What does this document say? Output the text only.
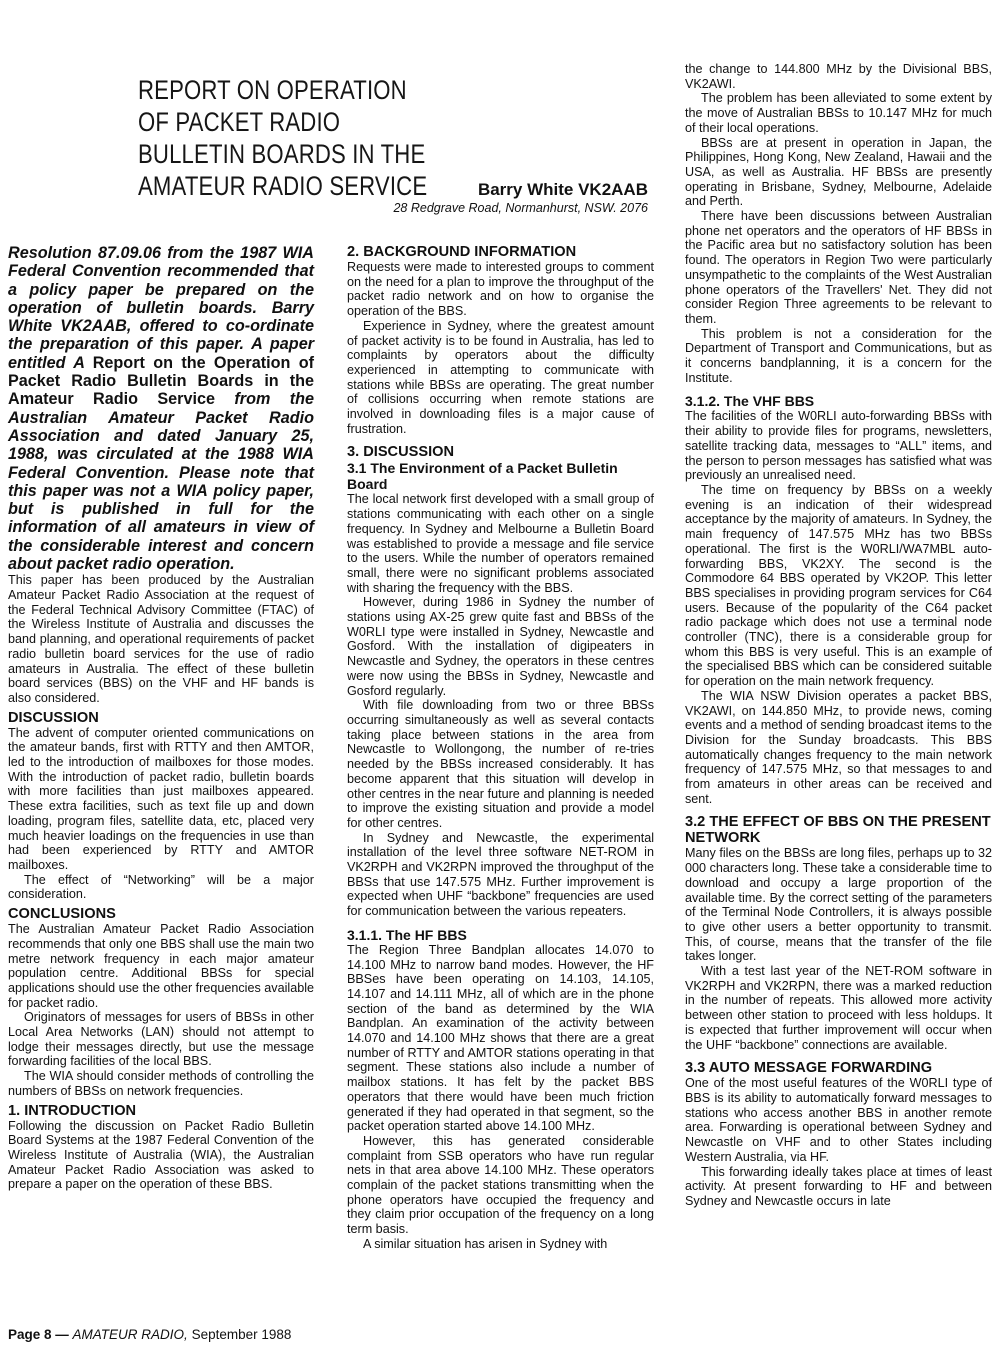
REPORT ON OPERATION OF PACKET RADIO BULLETIN BOARDS IN THE AMATEUR RADIO SERVICE	Barry White VK2AAB

28 Redgrave Road, Normanhurst, NSW. 2076

Resolution 87.09.06 from the 1987 WIA Federal Convention recommended that a policy paper be prepared on the operation of bulletin boards. Barry White VK2AAB, offered to co-ordinate the preparation of this paper. A paper entitled A Report on the Operation of Packet Radio Bulletin Boards in the Amateur Radio Service from the Australian Amateur Packet Radio Association and dated January 25, 1988, was circulated at the 1988 WIA Federal Convention. Please note that this paper was not a WIA policy paper, but is published in full for the information of all amateurs in view of the considerable interest and concern about packet radio operation.

This paper has been produced by the Australian Amateur Packet Radio Association at the request of the Federal Technical Advisory Committee (FTAC) of the Wireless Institute of Australia and discusses the band planning, and operational requirements of packet radio bulletin board services for the use of radio amateurs in Australia. The effect of these bulletin board services (BBS) on the VHF and HF bands is also considered.

DISCUSSION

The advent of computer oriented communications on the amateur bands, first with RTTY and then AMTOR, led to the introduction of mailboxes for those modes. With the introduction of packet radio, bulletin boards with more facilities than just mailboxes appeared. These extra facilities, such as text file up and down loading, program files, satellite data, etc, placed very much heavier loadings on the frequencies in use than had been experienced by RTTY and AMTOR mailboxes.

The effect of “Networking” will be a major consideration.

CONCLUSIONS

The Australian Amateur Packet Radio Association recommends that only one BBS shall use the main two metre network frequency in each major amateur population centre. Additional BBSs for special applications should use the other frequencies available for packet radio.

Originators of messages for users of BBSs in other Local Area Networks (LAN) should not attempt to lodge their messages directly, but use the message forwarding facilities of the local BBS.

The WIA should consider methods of controlling the numbers of BBSs on network frequencies.

1. INTRODUCTION

Following the discussion on Packet Radio Bulletin Board Systems at the 1987 Federal Convention of the Wireless Institute of Australia (WIA), the Australian Amateur Packet Radio Association was asked to prepare a paper on the operation of these BBS.

2. BACKGROUND INFORMATION

Requests were made to interested groups to comment on the need for a plan to improve the throughput of the packet radio network and on how to organise the operation of the BBS.

Experience in Sydney, where the greatest amount of packet activity is to be found in Australia, has led to complaints by operators about the difficulty experienced in attempting to communicate with stations while BBSs are operating. The great number of collisions occurring when remote stations are involved in downloading files is a major cause of frustration.

3. DISCUSSION
3.1 The Environment of a Packet Bulletin Board

The local network first developed with a small group of stations communicating with each other on a single frequency. In Sydney and Melbourne a Bulletin Board was established to provide a message and file service to the users. While the number of operators remained small, there were no significant problems associated with sharing the frequency with the BBS.

However, during 1986 in Sydney the number of stations using AX-25 grew quite fast and BBSs of the W0RLI type were installed in Sydney, Newcastle and Gosford. With the installation of digipeaters in Newcastle and Sydney, the operators in these centres were now using the BBSs in Sydney, Newcastle and Gosford regularly.

With file downloading from two or three BBSs occurring simultaneously as well as several contacts taking place between stations in the area from Newcastle to Wollongong, the number of re-tries needed by the BBSs increased considerably. It has become apparent that this situation will develop in other centres in the near future and planning is needed to improve the existing situation and provide a model for other centres.

In Sydney and Newcastle, the experimental installation of the level three software NET-ROM in VK2RPH and VK2RPN improved the throughput of the BBSs that use 147.575 MHz. Further improvement is expected when UHF “backbone” frequencies are used for communication between the various repeaters.

3.1.1. The HF BBS

The Region Three Bandplan allocates 14.070 to 14.100 MHz to narrow band modes. However, the HF BBSes have been operating on 14.103, 14.105, 14.107 and 14.111 MHz, all of which are in the phone section of the band as determined by the WIA Bandplan. An examination of the activity between 14.070 and 14.100 MHz shows that there are a great number of RTTY and AMTOR stations operating in that segment. These stations also include a number of mailbox stations. It has felt by the packet BBS operators that there would have been much friction generated if they had operated in that segment, so the packet operation started above 14.100 MHz.

However, this has generated considerable complaint from SSB operators who have run regular nets in that area above 14.100 MHz. These operators complain of the packet stations transmitting when the phone operators have occupied the frequency and they claim prior occupation of the frequency on a long term basis.

A similar situation has arisen in Sydney with

the change to 144.800 MHz by the Divisional BBS, VK2AWI.

The problem has been alleviated to some extent by the move of Australian BBSs to 10.147 MHz for much of their local operations.

BBSs are at present in operation in Japan, the Philippines, Hong Kong, New Zealand, Hawaii and the USA, as well as Australia. HF BBSs are presently operating in Brisbane, Sydney, Melbourne, Adelaide and Perth.

There have been discussions between Australian phone net operators and the operators of HF BBSs in the Pacific area but no satisfactory solution has been found. The operators in Region Two were particularly unsympathetic to the complaints of the West Australian phone operators of the Travellers' Net. They did not consider Region Three agreements to be relevant to them.

This problem is not a consideration for the Department of Transport and Communications, but as it concerns bandplanning, it is a concern for the Institute.

3.1.2. The VHF BBS

The facilities of the W0RLI auto-forwarding BBSs with their ability to provide files for programs, newsletters, satellite tracking data, messages to “ALL” items, and the person to person messages has satisfied what was previously an unrealised need.

The time on frequency by BBSs on a weekly evening is an indication of their widespread acceptance by the majority of amateurs. In Sydney, the main frequency of 147.575 MHz has two BBSs operational. The first is the W0RLI/WA7MBL auto-forwarding BBS, VK2XY. The second is the Commodore 64 BBS operated by VK2OP. This letter BBS specialises in providing program services for C64 users. Because of the popularity of the C64 packet radio package which does not use a terminal node controller (TNC), there is a considerable group for whom this BBS is very useful. This is an example of the specialised BBS which can be considered suitable for operation on the main network frequency.

The WIA NSW Division operates a packet BBS, VK2AWI, on 144.850 MHz, to provide news, coming events and a method of sending broadcast items to the Division for the Sunday broadcasts. This BBS automatically changes frequency to the main network frequency of 147.575 MHz, so that messages to and from amateurs in other areas can be received and sent.

3.2 THE EFFECT OF BBS ON THE PRESENT NETWORK

Many files on the BBSs are long files, perhaps up to 32 000 characters long. These take a considerable time to download and occupy a large proportion of the available time. By the correct setting of the parameters of the Terminal Node Controllers, it is always possible to give other users a better opportunity to transmit. This, of course, means that the transfer of the file takes longer.

With a test last year of the NET-ROM software in VK2RPH and VK2RPN, there was a marked reduction in the number of repeats. This allowed more activity between other station to proceed with less holdups. It is expected that further improvement will occur when the UHF “backbone” connections are available.

3.3 AUTO MESSAGE FORWARDING

One of the most useful features of the W0RLI type of BBS is its ability to automatically forward messages to stations who access another BBS in another remote area. Forwarding is operational between Sydney and Newcastle on VHF and to other States including Western Australia, via HF.

This forwarding ideally takes place at times of least activity. At present forwarding to HF and between Sydney and Newcastle occurs in late

Page 8 — AMATEUR RADIO, September 1988
